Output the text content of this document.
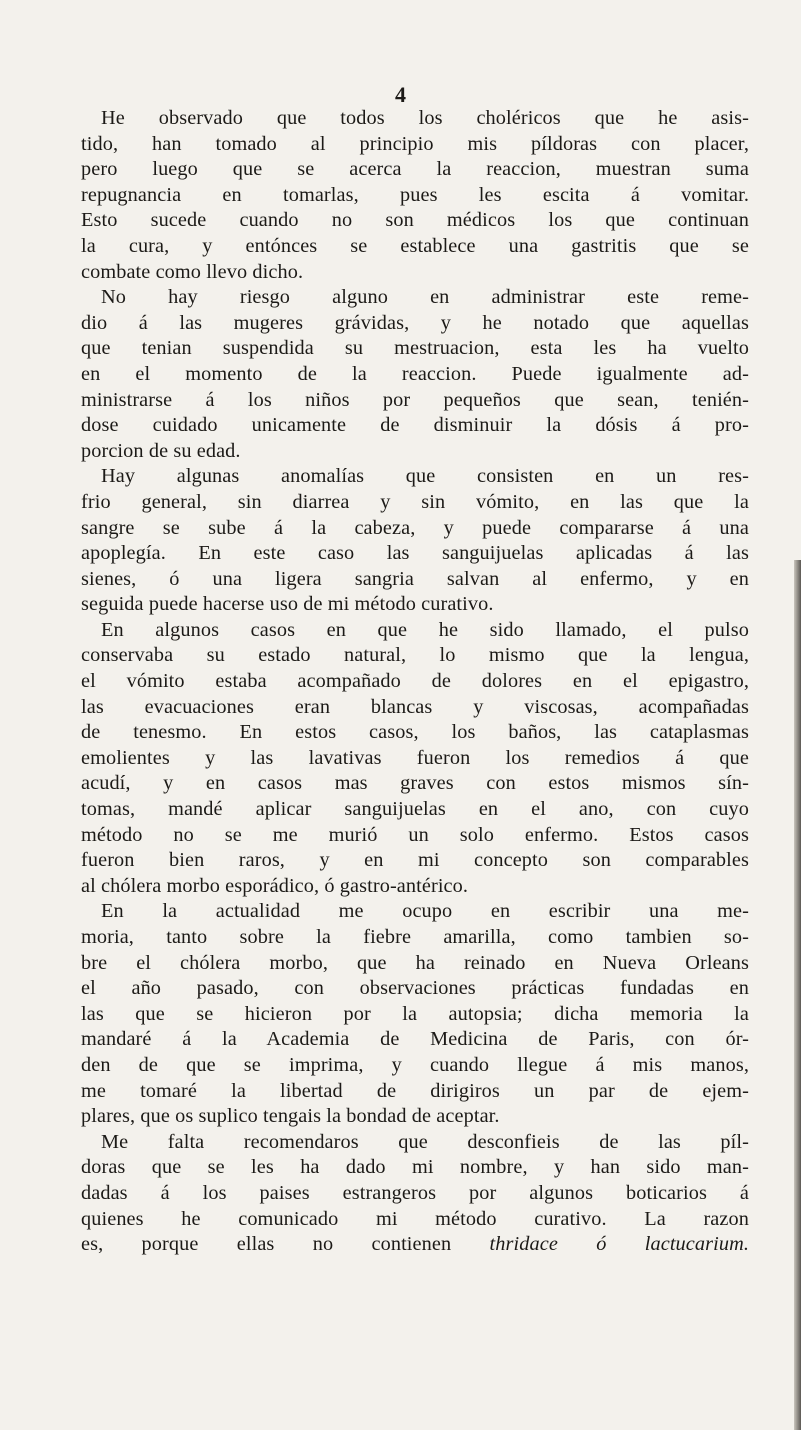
4
He observado que todos los choléricos que he asis-
tido, han tomado al principio mis píldoras con placer,
pero luego que se acerca la reaccion, muestran suma
repugnancia en tomarlas, pues les escita á vomitar.
Esto sucede cuando no son médicos los que continuan
la cura, y entónces se establece una gastritis que se
combate como llevo dicho.
No hay riesgo alguno en administrar este reme-
dio á las mugeres grávidas, y he notado que aquellas
que tenian suspendida su mestruacion, esta les ha vuelto
en el momento de la reaccion. Puede igualmente ad-
ministrarse á los niños por pequeños que sean, tenién-
dose cuidado unicamente de disminuir la dósis á pro-
porcion de su edad.
Hay algunas anomalías que consisten en un res-
frio general, sin diarrea y sin vómito, en las que la
sangre se sube á la cabeza, y puede compararse á una
apoplegía. En este caso las sanguijuelas aplicadas á las
sienes, ó una ligera sangria salvan al enfermo, y en
seguida puede hacerse uso de mi método curativo.
En algunos casos en que he sido llamado, el pulso
conservaba su estado natural, lo mismo que la lengua,
el vómito estaba acompañado de dolores en el epigastro,
las evacuaciones eran blancas y viscosas, acompañadas
de tenesmo. En estos casos, los baños, las cataplasmas
emolientes y las lavativas fueron los remedios á que
acudí, y en casos mas graves con estos mismos sín-
tomas, mandé aplicar sanguijuelas en el ano, con cuyo
método no se me murió un solo enfermo. Estos casos
fueron bien raros, y en mi concepto son comparables
al chólera morbo esporádico, ó gastro-antérico.
En la actualidad me ocupo en escribir una me-
moria, tanto sobre la fiebre amarilla, como tambien so-
bre el chólera morbo, que ha reinado en Nueva Orleans
el año pasado, con observaciones prácticas fundadas en
las que se hicieron por la autopsia; dicha memoria la
mandaré á la Academia de Medicina de Paris, con ór-
den de que se imprima, y cuando llegue á mis manos,
me tomaré la libertad de dirigiros un par de ejem-
plares, que os suplico tengais la bondad de aceptar.
Me falta recomendaros que desconfieis de las píl-
doras que se les ha dado mi nombre, y han sido man-
dadas á los paises estrangeros por algunos boticarios á
quienes he comunicado mi método curativo. La razon
es, porque ellas no contienen thridace ó lactucarium.
